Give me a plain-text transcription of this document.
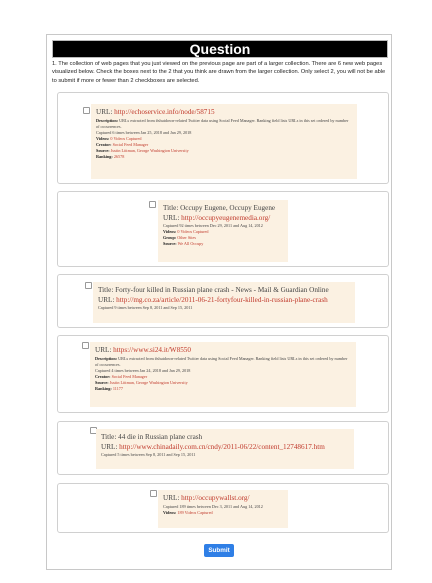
Question
1. The collection of web pages that you just viewed on the previous page are part of a larger collection. There are 6 new web pages visualized below. Check the boxes next to the 2 that you think are drawn from the larger collection. Only select 2, you will not be able to submit if more or fewer than 2 checkboxes are selected.
URL: http://echoservice.info/node/58715
Description: URLs extracted from #shutdown-related Twitter data using Social Feed Manager. Ranking field lists URLs in this set ordered by number of occurrences.
Captured 6 times between Jan 25, 2018 and Jan 29, 2018
Videos: 0 Videos Captured
Creator: Social Feed Manager
Source: Justin Littman, George Washington University
Ranking: 26578
Title: Occupy Eugene, Occupy Eugene
URL: http://occupyeugenemedia.org/
Captured 92 times between Dec 29, 2011 and Aug 14, 2012
Videos: 0 Videos Captured
Group: Other Sites
Source: We All Occupy
Title: Forty-four killed in Russian plane crash - News - Mail & Guardian Online
URL: http://mg.co.za/article/2011-06-21-fortyfour-killed-in-russian-plane-crash
Captured 9 times between Sep 8, 2011 and Sep 15, 2011
URL: https://www.si24.it/W8550
Description: URLs extracted from #shutdown-related Twitter data using Social Feed Manager. Ranking field lists URLs in this set ordered by number of occurrences.
Captured 4 times between Jan 24, 2018 and Jan 29, 2018
Creator: Social Feed Manager
Source: Justin Littman, George Washington University
Ranking: 11177
Title: 44 die in Russian plane crash
URL: http://www.chinadaily.com.cn/cndy/2011-06/22/content_12748617.htm
Captured 5 times between Sep 8, 2011 and Sep 15, 2011
URL: http://occupywallst.org/
Captured 189 times between Dec 3, 2011 and Aug 14, 2012
Videos: 189 Videos Captured
Submit
